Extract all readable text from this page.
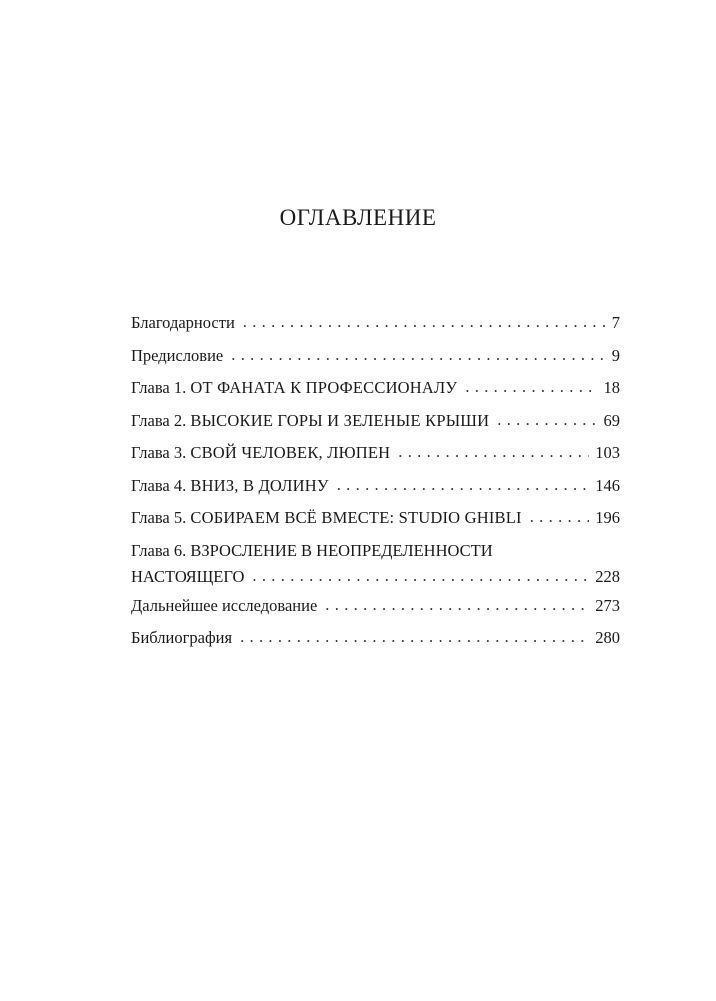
ОГЛАВЛЕНИЕ
Благодарности . . .	7
Предисловие . . .	9
Глава 1. ОТ ФАНАТА К ПРОФЕССИОНАЛУ . . .	18
Глава 2. ВЫСОКИЕ ГОРЫ И ЗЕЛЕНЫЕ КРЫШИ . . .	69
Глава 3. СВОЙ ЧЕЛОВЕК, ЛЮПЕН . . .	103
Глава 4. ВНИЗ, В ДОЛИНУ . . .	146
Глава 5. СОБИРАЕМ ВСЁ ВМЕСТЕ: STUDIO GHIBLI . . .	196
Глава 6. ВЗРОСЛЕНИЕ В НЕОПРЕДЕЛЕННОСТИ
НАСТОЯЩЕГО . . .	228
Дальнейшее исследование . . .	273
Библиография . . .	280
